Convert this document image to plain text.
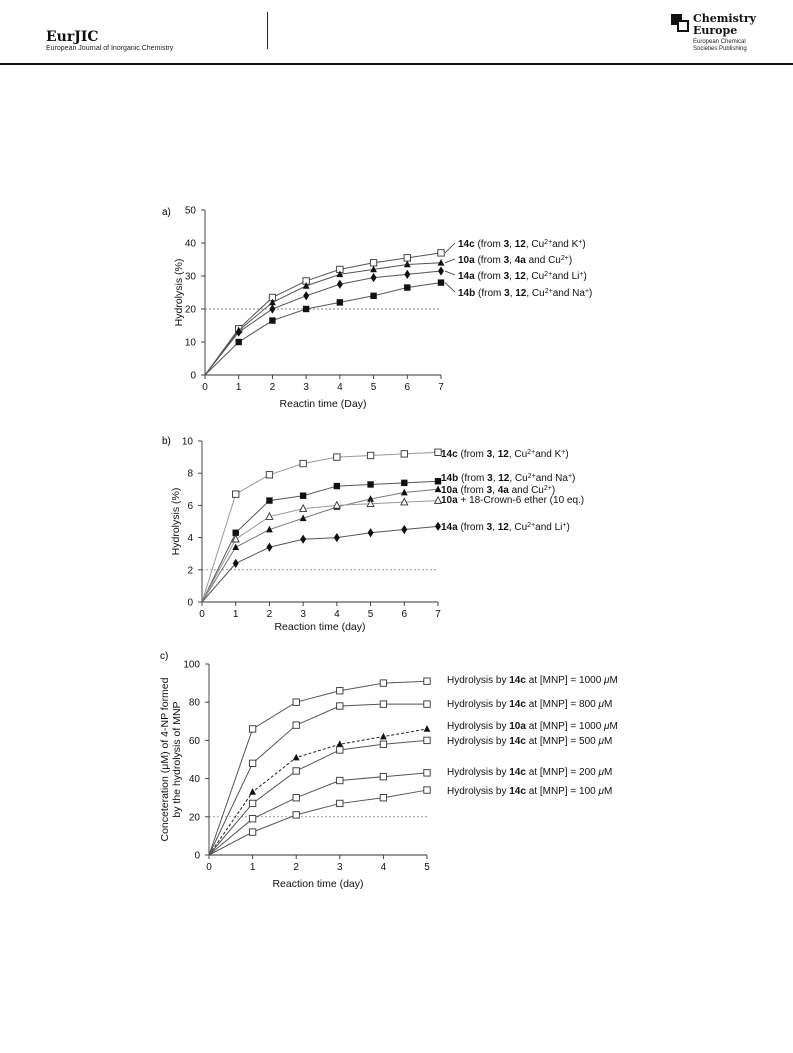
EurJIC
European Journal of Inorganic Chemistry
Chemistry Europe
European Chemical Societies Publishing
a)
0	1	2	3	4	5	6	7
0
10
20
30
40
50
Reactin time (Day)
Hydrolysis (%)
14c (from 3, 12, $Cu^{2+}and$ K+)
10a (from 3, 4a and $Cu^{2+}$)
14a (from 3, 12, $Cu^{2+}and$ Li+)
14b (from 3, 12, $Cu^{2+}and$ Na+)
b)
0	1	2	3	4	5	6	7
0
2
4
6
8
10
Reaction time (day)
Hydrolysis (%)
14c (from 3, 12, $Cu^{2+}and$ K+)
14b (from 3, 12, $Cu^{2+}and$ Na+)
10a (from 3, 4a and $Cu^{2+}$)
10a + 18-Crown-6 ether (10 eq.)
14a (from 3, 12, $Cu^{2+}and$ Li+)
c)
0	1	2	3	4	5
0
20
40
60
80
100
Reaction time (day)
Conceteration (μM) of 4-NP formed by the hydrolysis of MNP
Hydrolysis by 14c at [MNP] = 1000 μM
Hydrolysis by 14c at [MNP] = 800 μM
Hydrolysis by 10a at [MNP] = 1000 μM
Hydrolysis by 14c at [MNP] = 500 μM
Hydrolysis by 14c at [MNP] = 200 μM
Hydrolysis by 14c at [MNP] = 100 μM
